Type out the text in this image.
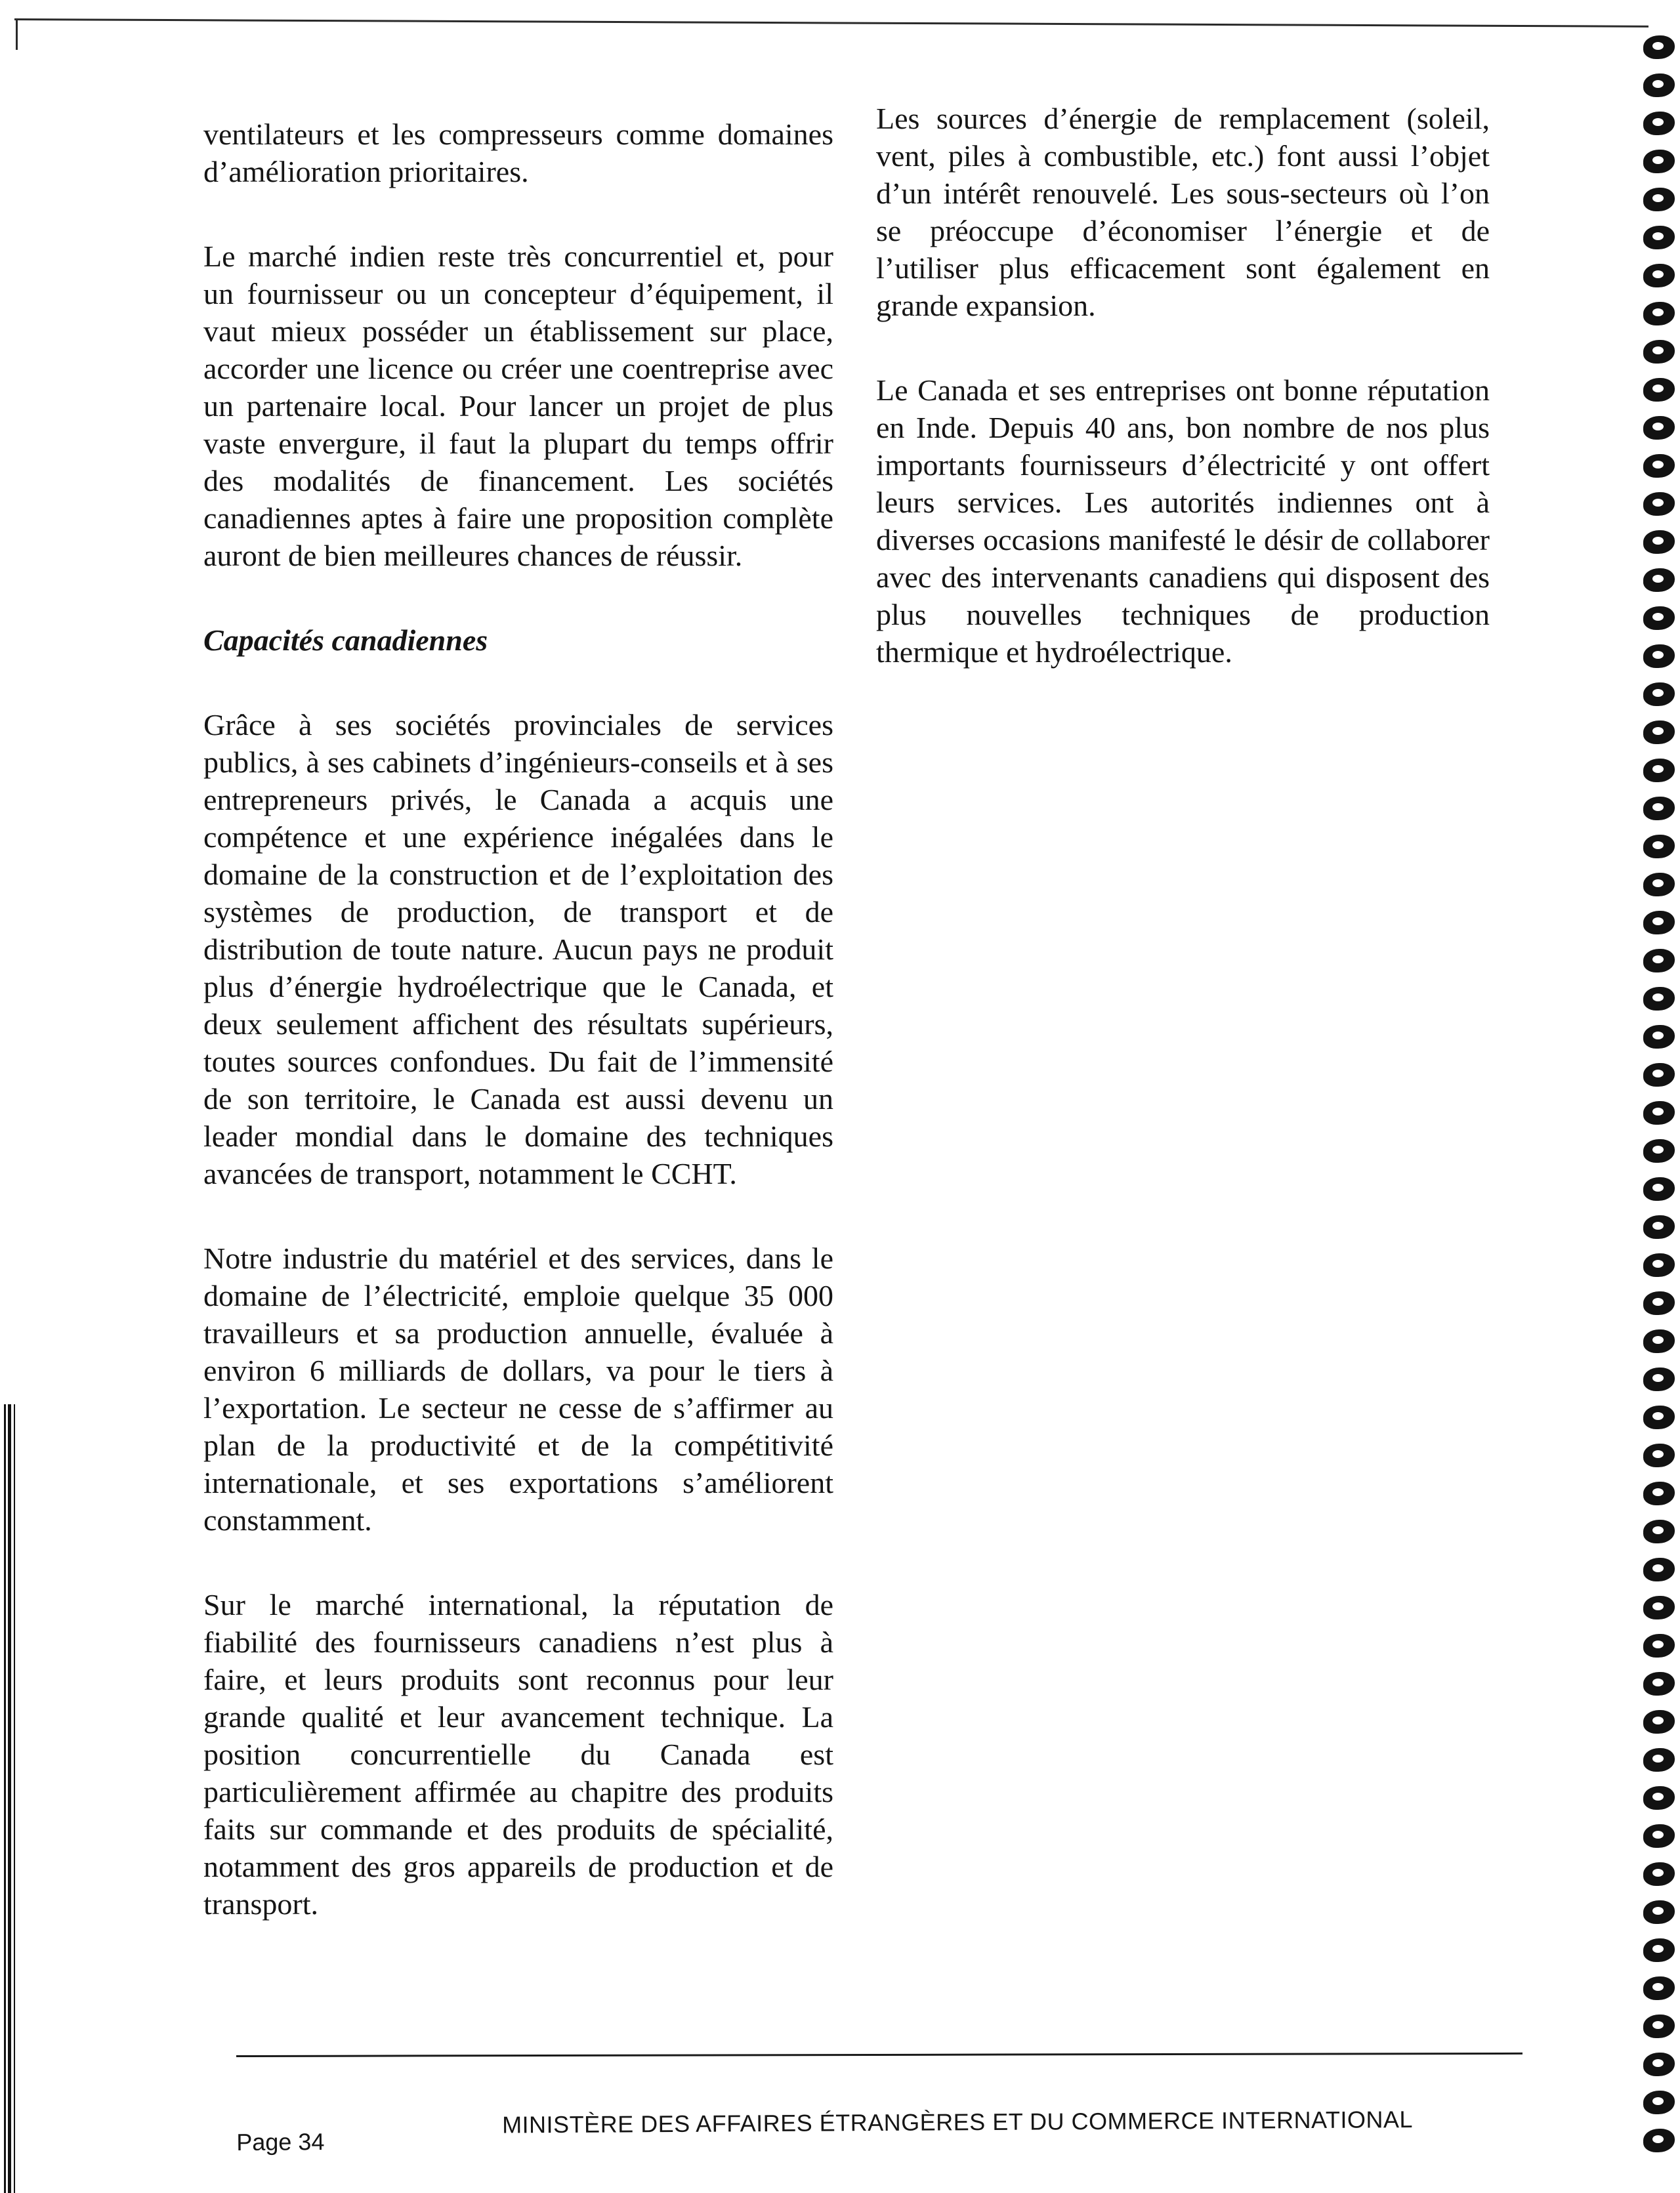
ventilateurs et les compresseurs comme domaines d’amélioration prioritaires.

Le marché indien reste très concurrentiel et, pour un fournisseur ou un concepteur d’équipement, il vaut mieux posséder un établissement sur place, accorder une licence ou créer une coentreprise avec un partenaire local. Pour lancer un projet de plus vaste envergure, il faut la plupart du temps offrir des modalités de financement. Les sociétés canadiennes aptes à faire une proposition complète auront de bien meilleures chances de réussir.

Capacités canadiennes

Grâce à ses sociétés provinciales de services publics, à ses cabinets d’ingénieurs-conseils et à ses entrepreneurs privés, le Canada a acquis une compétence et une expérience inégalées dans le domaine de la construction et de l’exploitation des systèmes de production, de transport et de distribution de toute nature. Aucun pays ne produit plus d’énergie hydroélectrique que le Canada, et deux seulement affichent des résultats supérieurs, toutes sources confondues. Du fait de l’immensité de son territoire, le Canada est aussi devenu un leader mondial dans le domaine des techniques avancées de transport, notamment le CCHT.

Notre industrie du matériel et des services, dans le domaine de l’électricité, emploie quelque 35 000 travailleurs et sa production annuelle, évaluée à environ 6 milliards de dollars, va pour le tiers à l’exportation. Le secteur ne cesse de s’affirmer au plan de la productivité et de la compétitivité internationale, et ses exportations s’améliorent constamment.

Sur le marché international, la réputation de fiabilité des fournisseurs canadiens n’est plus à faire, et leurs produits sont reconnus pour leur grande qualité et leur avancement technique. La position concurrentielle du Canada est particulièrement affirmée au chapitre des produits faits sur commande et des produits de spécialité, notamment des gros appareils de production et de transport.

Les sources d’énergie de remplacement (soleil, vent, piles à combustible, etc.) font aussi l’objet d’un intérêt renouvelé. Les sous-secteurs où l’on se préoccupe d’économiser l’énergie et de l’utiliser plus efficacement sont également en grande expansion.

Le Canada et ses entreprises ont bonne réputation en Inde. Depuis 40 ans, bon nombre de nos plus importants fournisseurs d’électricité y ont offert leurs services. Les autorités indiennes ont à diverses occasions manifesté le désir de collaborer avec des intervenants canadiens qui disposent des plus nouvelles techniques de production thermique et hydroélectrique.

Page 34
MINISTÈRE DES AFFAIRES ÉTRANGÈRES ET DU COMMERCE INTERNATIONAL
